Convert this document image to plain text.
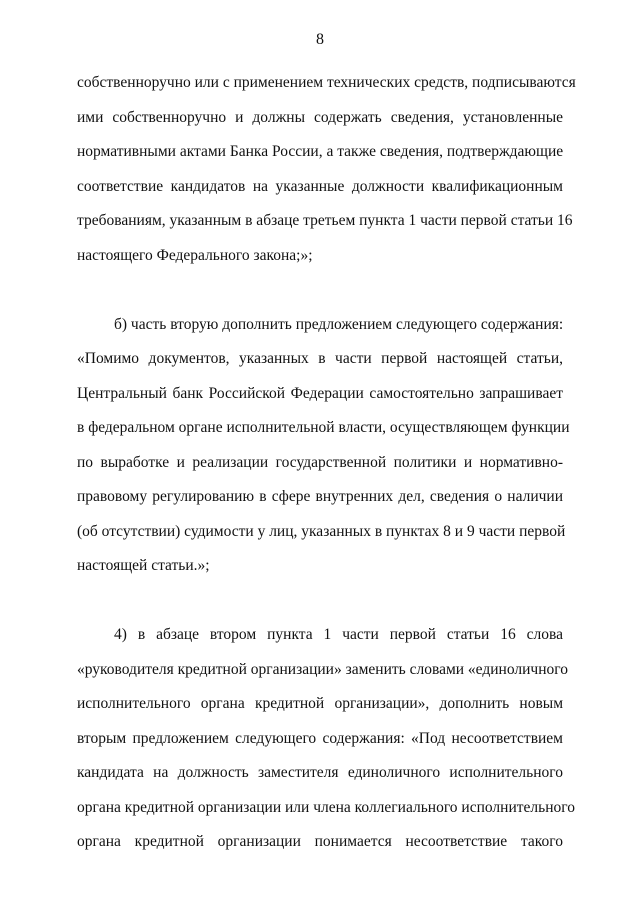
8
собственноручно или с применением технических средств, подписываются
ими собственноручно и должны содержать сведения, установленные
нормативными актами Банка России, а также сведения, подтверждающие
соответствие кандидатов на указанные должности квалификационным
требованиям, указанным в абзаце третьем пункта 1 части первой статьи 16
настоящего Федерального закона;»;
б) часть вторую дополнить предложением следующего содержания:
«Помимо документов, указанных в части первой настоящей статьи,
Центральный банк Российской Федерации самостоятельно запрашивает
в федеральном органе исполнительной власти, осуществляющем функции
по выработке и реализации государственной политики и нормативно-
правовому регулированию в сфере внутренних дел, сведения о наличии
(об отсутствии) судимости у лиц, указанных в пунктах 8 и 9 части первой
настоящей статьи.»;
4) в абзаце втором пункта 1 части первой статьи 16 слова
«руководителя кредитной организации» заменить словами «единоличного
исполнительного органа кредитной организации», дополнить новым
вторым предложением следующего содержания: «Под несоответствием
кандидата на должность заместителя единоличного исполнительного
органа кредитной организации или члена коллегиального исполнительного
органа кредитной организации понимается несоответствие такого
